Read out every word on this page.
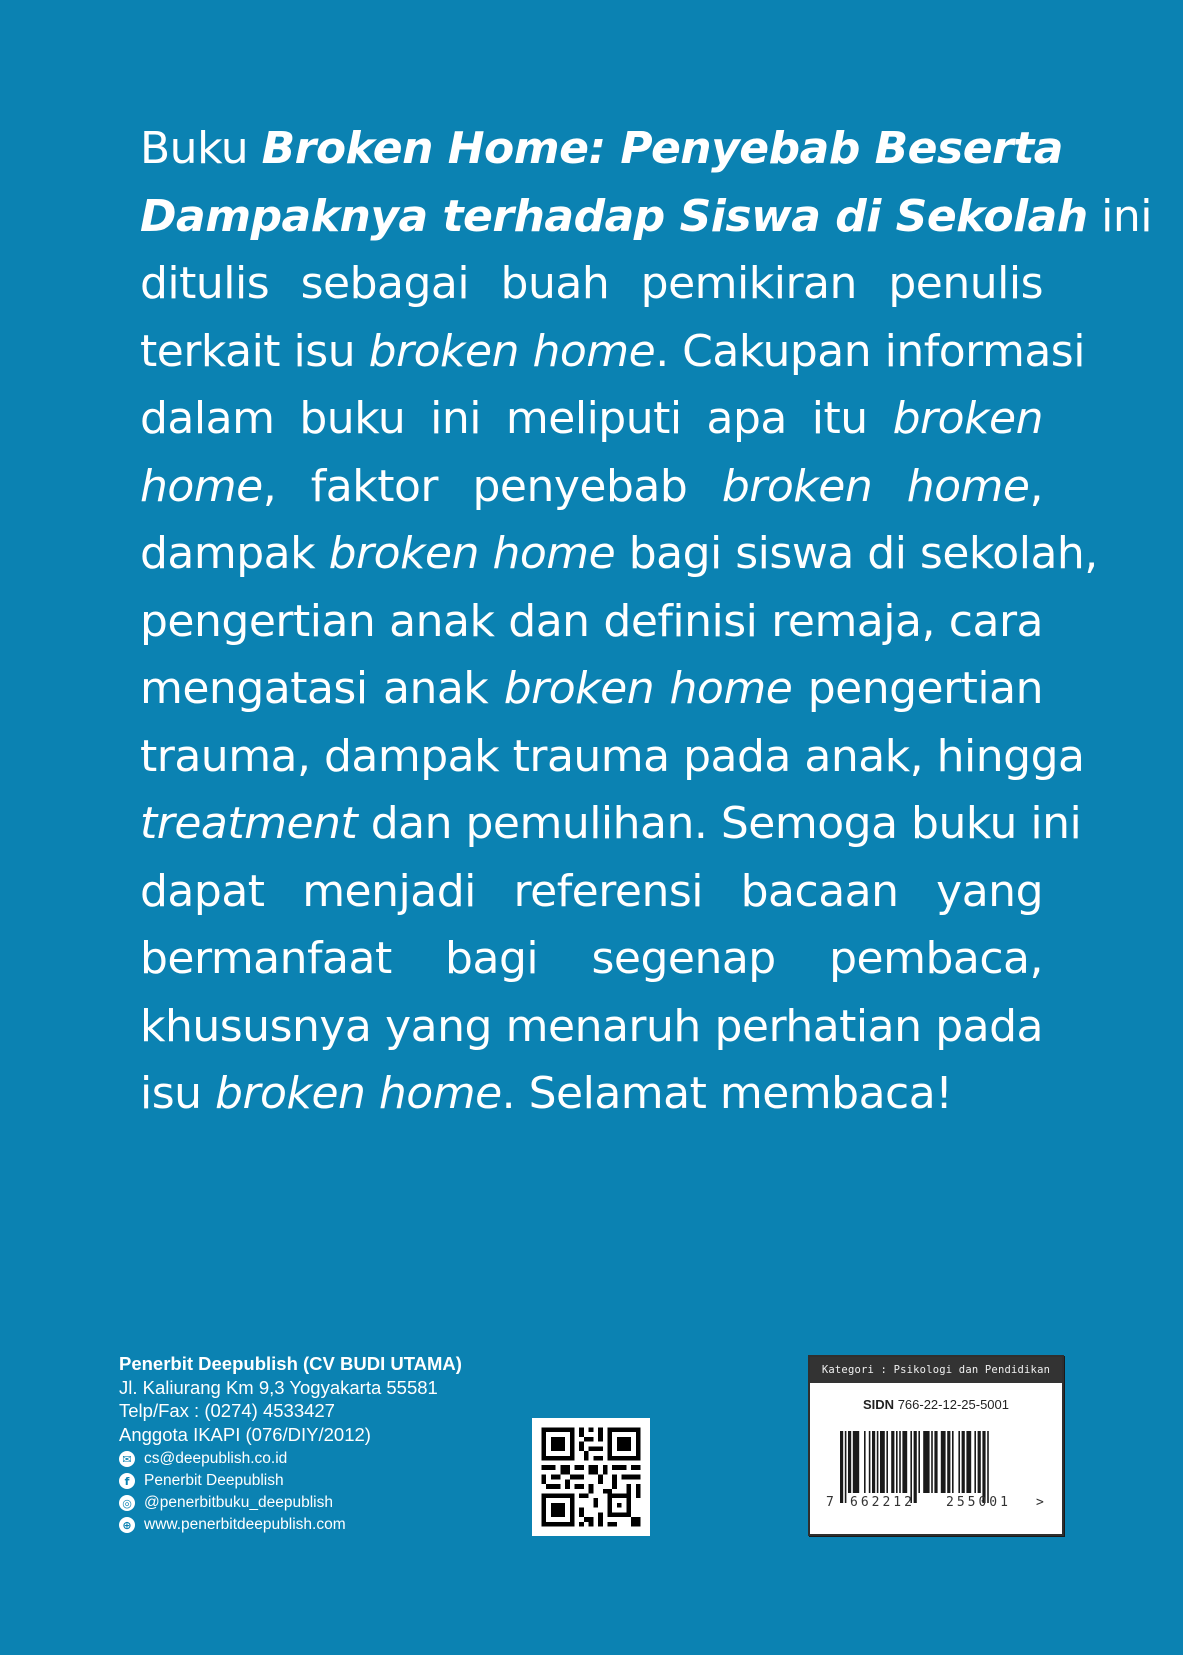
Buku Broken Home: Penyebab Beserta
Dampaknya terhadap Siswa di Sekolah ini
ditulis sebagai buah pemikiran penulis
terkait isu broken home. Cakupan informasi
dalam buku ini meliputi apa itu broken
home, faktor penyebab broken home,
dampak broken home bagi siswa di sekolah,
pengertian anak dan definisi remaja, cara
mengatasi anak broken home pengertian
trauma, dampak trauma pada anak, hingga
treatment dan pemulihan. Semoga buku ini
dapat menjadi referensi bacaan yang
bermanfaat bagi segenap pembaca,
khususnya yang menaruh perhatian pada
isu broken home. Selamat membaca!
Penerbit Deepublish (CV BUDI UTAMA)
Jl. Kaliurang Km 9,3 Yogyakarta 55581
Telp/Fax : (0274) 4533427
Anggota IKAPI (076/DIY/2012)
✉ cs@deepublish.co.id
f Penerbit Deepublish
◎ @penerbitbuku_deepublish
⊕ www.penerbitdeepublish.com
Kategori : Psikologi dan Pendidikan
SIDN 766-22-12-25-5001
7 662212 255001 >
